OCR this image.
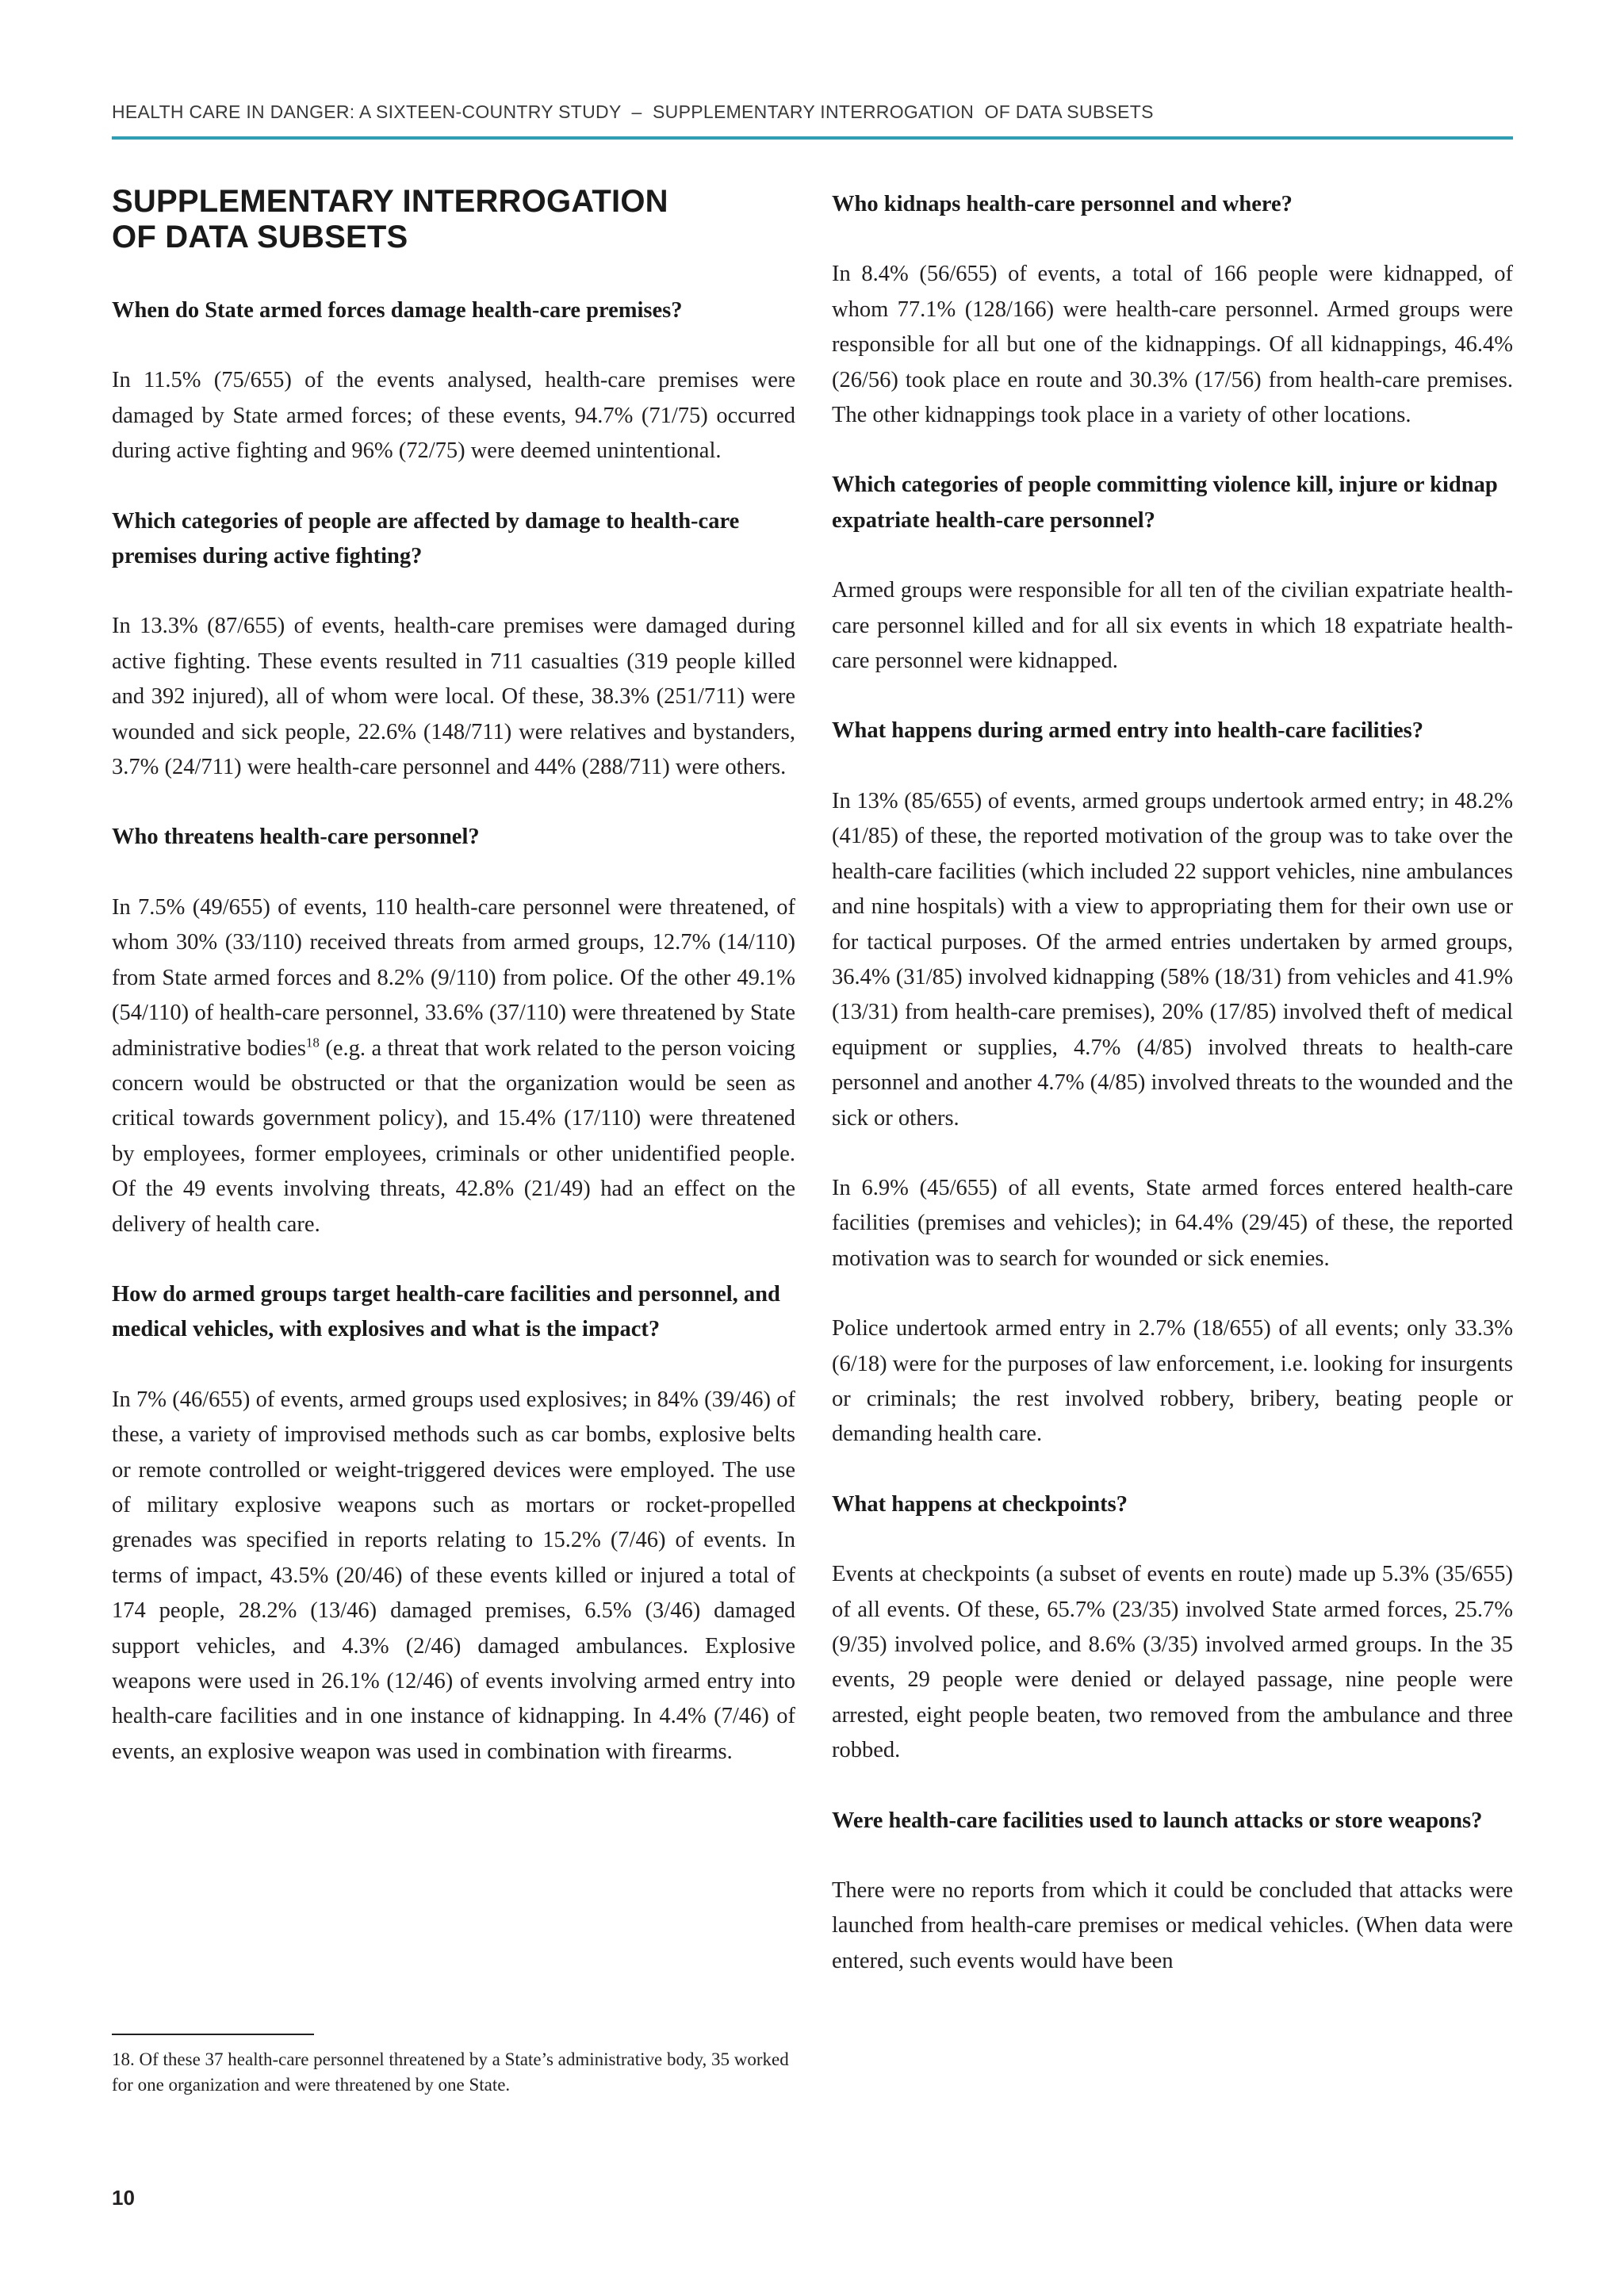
HEALTH CARE IN DANGER: A SIXTEEN-COUNTRY STUDY  –  SUPPLEMENTARY INTERROGATION  OF DATA SUBSETS
SUPPLEMENTARY INTERROGATION
OF DATA SUBSETS
When do State armed forces damage health-care premises?

In 11.5% (75/655) of the events analysed, health-care premises were damaged by State armed forces; of these events, 94.7% (71/75) occurred during active fighting and 96% (72/75) were deemed unintentional.

Which categories of people are affected by damage to health-care premises during active fighting?

In 13.3% (87/655) of events, health-care premises were damaged during active fighting. These events resulted in 711 casualties (319 people killed and 392 injured), all of whom were local. Of these, 38.3% (251/711) were wounded and sick people, 22.6% (148/711) were relatives and bystanders, 3.7% (24/711) were health-care personnel and 44% (288/711) were others.

Who threatens health-care personnel?

In 7.5% (49/655) of events, 110 health-care personnel were threatened, of whom 30% (33/110) received threats from armed groups, 12.7% (14/110) from State armed forces and 8.2% (9/110) from police. Of the other 49.1% (54/110) of health-care personnel, 33.6% (37/110) were threatened by State administrative bodies$^{18}$ (e.g. a threat that work related to the person voicing concern would be obstructed or that the organization would be seen as critical towards government policy), and 15.4% (17/110) were threatened by employees, former employees, criminals or other unidentified people. Of the 49 events involving threats, 42.8% (21/49) had an effect on the delivery of health care.

How do armed groups target health-care facilities and personnel, and medical vehicles, with explosives and what is the impact?

In 7% (46/655) of events, armed groups used explosives; in 84% (39/46) of these, a variety of improvised methods such as car bombs, explosive belts or remote controlled or weight-triggered devices were employed. The use of military explosive weapons such as mortars or rocket-propelled grenades was specified in reports relating to 15.2% (7/46) of events. In terms of impact, 43.5% (20/46) of these events killed or injured a total of 174 people, 28.2% (13/46) damaged premises, 6.5% (3/46) damaged support vehicles, and 4.3% (2/46) damaged ambulances. Explosive weapons were used in 26.1% (12/46) of events involving armed entry into health-care facilities and in one instance of kidnapping. In 4.4% (7/46) of events, an explosive weapon was used in combination with firearms.

Who kidnaps health-care personnel and where?

In 8.4% (56/655) of events, a total of 166 people were kidnapped, of whom 77.1% (128/166) were health-care personnel. Armed groups were responsible for all but one of the kidnappings. Of all kidnappings, 46.4% (26/56) took place en route and 30.3% (17/56) from health-care premises. The other kidnappings took place in a variety of other locations.

Which categories of people committing violence kill, injure or kidnap expatriate health-care personnel?

Armed groups were responsible for all ten of the civilian expatriate health-care personnel killed and for all six events in which 18 expatriate health-care personnel were kidnapped.

What happens during armed entry into health-care facilities?

In 13% (85/655) of events, armed groups undertook armed entry; in 48.2% (41/85) of these, the reported motivation of the group was to take over the health-care facilities (which included 22 support vehicles, nine ambulances and nine hospitals) with a view to appropriating them for their own use or for tactical purposes. Of the armed entries undertaken by armed groups, 36.4% (31/85) involved kidnapping (58% (18/31) from vehicles and 41.9% (13/31) from health-care premises), 20% (17/85) involved theft of medical equipment or supplies, 4.7% (4/85) involved threats to health-care personnel and another 4.7% (4/85) involved threats to the wounded and the sick or others.

In 6.9% (45/655) of all events, State armed forces entered health-care facilities (premises and vehicles); in 64.4% (29/45) of these, the reported motivation was to search for wounded or sick enemies.

Police undertook armed entry in 2.7% (18/655) of all events; only 33.3% (6/18) were for the purposes of law enforcement, i.e. looking for insurgents or criminals; the rest involved robbery, bribery, beating people or demanding health care.

What happens at checkpoints?

Events at checkpoints (a subset of events en route) made up 5.3% (35/655) of all events. Of these, 65.7% (23/35) involved State armed forces, 25.7% (9/35) involved police, and 8.6% (3/35) involved armed groups. In the 35 events, 29 people were denied or delayed passage, nine people were arrested, eight people beaten, two removed from the ambulance and three robbed.

Were health-care facilities used to launch attacks or store weapons?

There were no reports from which it could be concluded that attacks were launched from health-care premises or medical vehicles. (When data were entered, such events would have been

18. Of these 37 health-care personnel threatened by a State’s administrative body, 35 worked for one organization and were threatened by one State.
10
